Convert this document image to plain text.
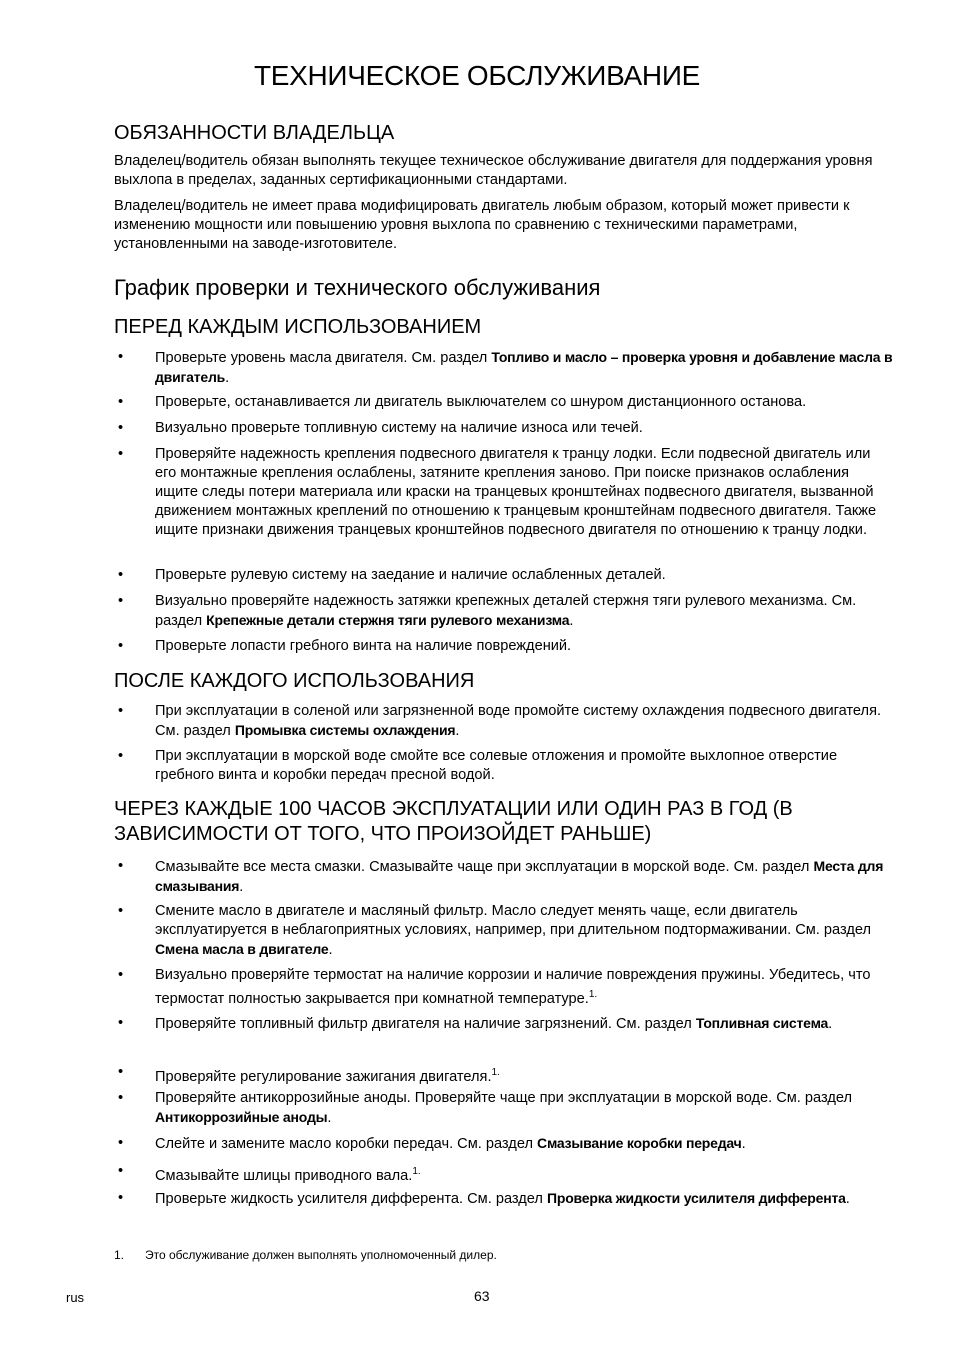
ТЕХНИЧЕСКОЕ ОБСЛУЖИВАНИЕ
ОБЯЗАННОСТИ ВЛАДЕЛЬЦА

Владелец/водитель обязан выполнять текущее техническое обслуживание двигателя для поддержания уровня выхлопа в пределах, заданных сертификационными стандартами.

Владелец/водитель не имеет права модифицировать двигатель любым образом, который может привести к изменению мощности или повышению уровня выхлопа по сравнению с техническими параметрами, установленными на заводе-изготовителе.

График проверки и технического обслуживания
ПЕРЕД КАЖДЫМ ИСПОЛЬЗОВАНИЕМ
• Проверьте уровень масла двигателя. См. раздел Топливо и масло – проверка уровня и добавление масла в двигатель.
• Проверьте, останавливается ли двигатель выключателем со шнуром дистанционного останова.
• Визуально проверьте топливную систему на наличие износа или течей.
• Проверяйте надежность крепления подвесного двигателя к транцу лодки. Если подвесной двигатель или его монтажные крепления ослаблены, затяните крепления заново. При поиске признаков ослабления ищите следы потери материала или краски на транцевых кронштейнах подвесного двигателя, вызванной движением монтажных креплений по отношению к транцевым кронштейнам подвесного двигателя. Также ищите признаки движения транцевых кронштейнов подвесного двигателя по отношению к транцу лодки.
• Проверьте рулевую систему на заедание и наличие ослабленных деталей.
• Визуально проверяйте надежность затяжки крепежных деталей стержня тяги рулевого механизма. См. раздел Крепежные детали стержня тяги рулевого механизма.
• Проверьте лопасти гребного винта на наличие повреждений.
ПОСЛЕ КАЖДОГО ИСПОЛЬЗОВАНИЯ
• При эксплуатации в соленой или загрязненной воде промойте систему охлаждения подвесного двигателя. См. раздел Промывка системы охлаждения.
• При эксплуатации в морской воде смойте все солевые отложения и промойте выхлопное отверстие гребного винта и коробки передач пресной водой.
ЧЕРЕЗ КАЖДЫЕ 100 ЧАСОВ ЭКСПЛУАТАЦИИ ИЛИ ОДИН РАЗ В ГОД (В ЗАВИСИМОСТИ ОТ ТОГО, ЧТО ПРОИЗОЙДЕТ РАНЬШЕ)
• Смазывайте все места смазки. Смазывайте чаще при эксплуатации в морской воде. См. раздел Места для смазывания.
• Смените масло в двигателе и масляный фильтр. Масло следует менять чаще, если двигатель эксплуатируется в неблагоприятных условиях, например, при длительном подтормаживании. См. раздел Смена масла в двигателе.
• Визуально проверяйте термостат на наличие коррозии и наличие повреждения пружины. Убедитесь, что термостат полностью закрывается при комнатной температуре.$^{1.}$
• Проверяйте топливный фильтр двигателя на наличие загрязнений. См. раздел Топливная система.
• Проверяйте регулирование зажигания двигателя.$^{1.}$
• Проверяйте антикоррозийные аноды. Проверяйте чаще при эксплуатации в морской воде. См. раздел Антикоррозийные аноды.
• Слейте и замените масло коробки передач. См. раздел Смазывание коробки передач.
• Смазывайте шлицы приводного вала.$^{1.}$
• Проверьте жидкость усилителя дифферента. См. раздел Проверка жидкости усилителя дифферента.
1. Это обслуживание должен выполнять уполномоченный дилер.
rus	63
